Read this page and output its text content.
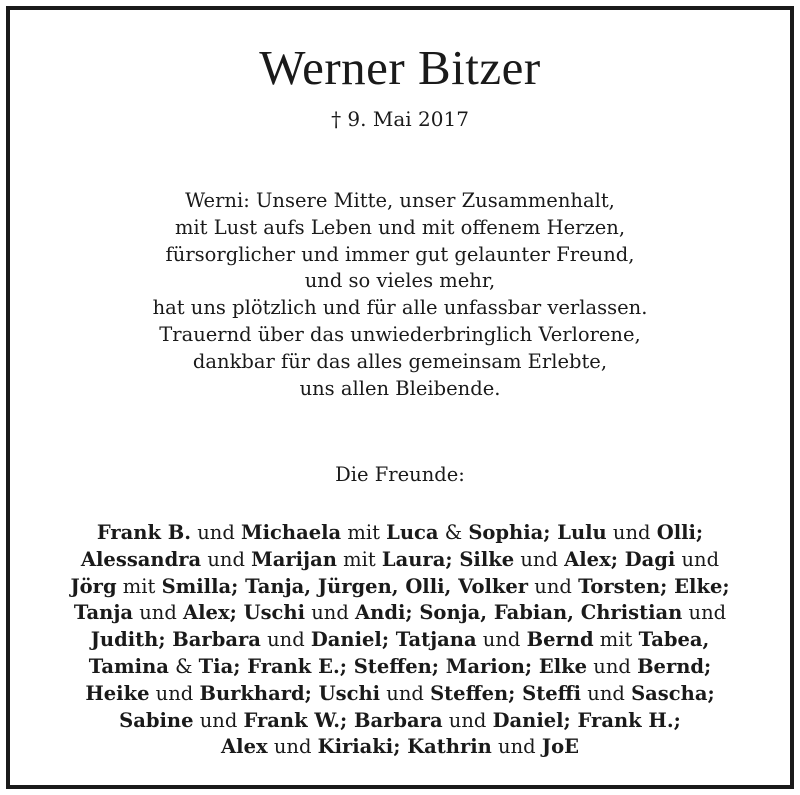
Werner Bitzer
† 9. Mai 2017
Werni: Unsere Mitte, unser Zusammenhalt,
mit Lust aufs Leben und mit offenem Herzen,
fürsorglicher und immer gut gelaunter Freund,
und so vieles mehr,
hat uns plötzlich und für alle unfassbar verlassen.
Trauernd über das unwiederbringlich Verlorene,
dankbar für das alles gemeinsam Erlebte,
uns allen Bleibende.
Die Freunde:
Frank B. und Michaela mit Luca & Sophia; Lulu und Olli;
Alessandra und Marijan mit Laura; Silke und Alex; Dagi und
Jörg mit Smilla; Tanja, Jürgen, Olli, Volker und Torsten; Elke;
Tanja und Alex; Uschi und Andi; Sonja, Fabian, Christian und
Judith; Barbara und Daniel; Tatjana und Bernd mit Tabea,
Tamina & Tia; Frank E.; Steffen; Marion; Elke und Bernd;
Heike und Burkhard; Uschi und Steffen; Steffi und Sascha;
Sabine und Frank W.; Barbara und Daniel; Frank H.;
Alex und Kiriaki; Kathrin und JoE
